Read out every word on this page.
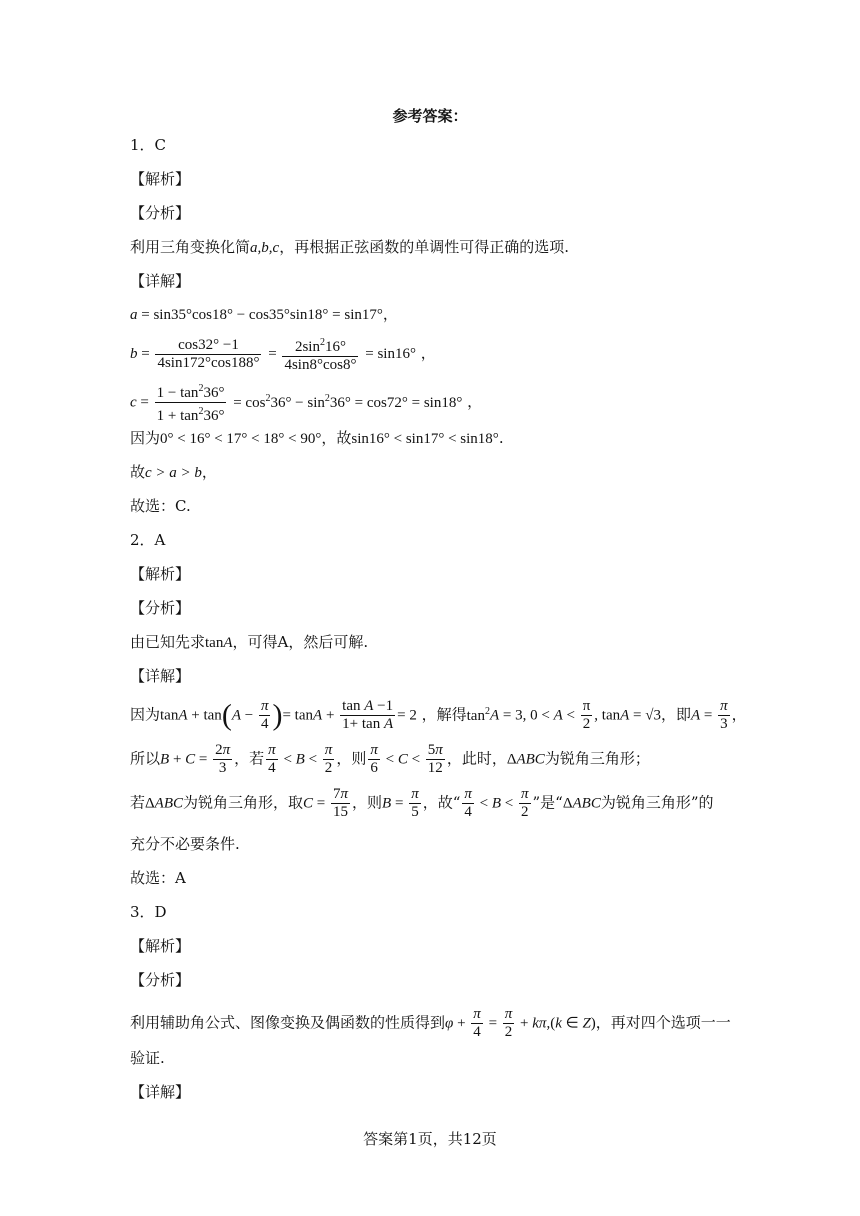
参考答案：
1．C
【解析】
【分析】
利用三角变换化简a,b,c，再根据正弦函数的单调性可得正确的选项.
【详解】
a = sin35°cos18° − cos35°sin18° = sin17°，
$b = \frac{\cos 32^\circ -1}{4\sin 172^\circ\cos 188^\circ} = \frac{2\sin^216^\circ}{4\sin 8^\circ\cos 8^\circ} = \sin 16^\circ$ ，
$c = \frac{1 - \tan^236^\circ}{1 + \tan^236^\circ} = \cos^236^\circ - \sin^236^\circ = \cos 72^\circ = \sin 18^\circ$ ，
因为0° < 16° < 17° < 18° < 90°，故sin16° < sin17° < sin18°.
故c > a > b，
故选：C.
2．A
【解析】
【分析】
由已知先求tanA，可得A，然后可解.
【详解】
因为$\tan A + \tan(A - \frac{\pi}{4}$ )= $\tan A + \frac{\text{tan A −1}}{\text{1+ tan A}} = 2$ ，解得$\tan^2A = 3$, $0 < A < \frac{\pi}{2}$ , tanA = √3，即$A = \frac{\pi}{3}$ ，
所以$B + C = \frac{2\pi}{3}$ ，若 $\frac{\pi}{4} < B < \frac{\pi}{2}$ ，则 $\frac{\pi}{6} < C < \frac{5\pi}{12}$ ，此时，ΔABC为锐角三角形；
若ΔABC为锐角三角形，取$C = \frac{7\pi}{15}$ ，则$B = \frac{\pi}{5}$ ，故“ $\frac{\pi}{4} < B < \frac{\pi}{2}$ ”是“ΔABC为锐角三角形”的
充分不必要条件.
故选：A
3．D
【解析】
【分析】
利用辅助角公式、图像变换及偶函数的性质得到$\varphi + \frac{\pi}{4} = \frac{\pi}{2} + k\pi,(k$ ∈ Z)，再对四个选项一一
验证.
【详解】
答案第1页，共12页
